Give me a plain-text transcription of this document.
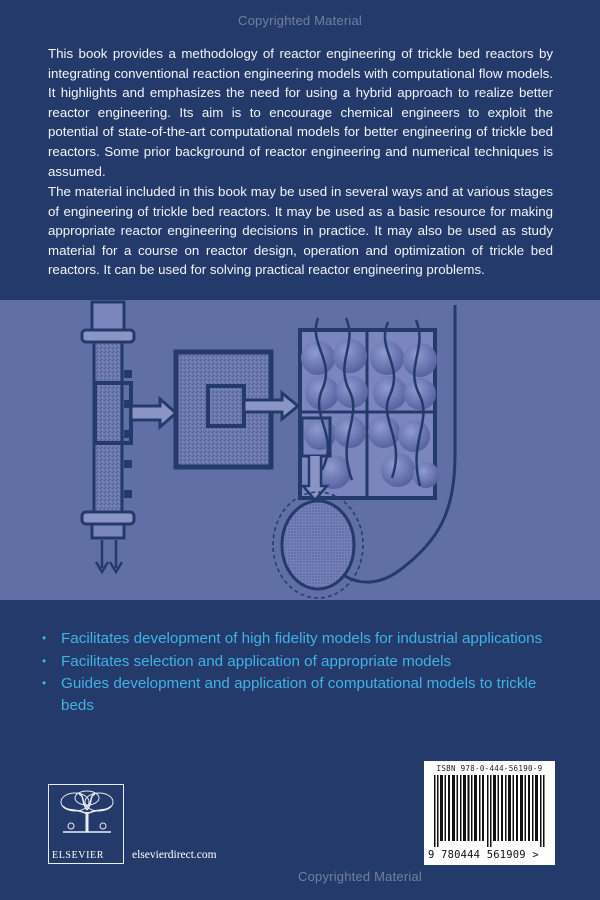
Copyrighted Material

This book provides a methodology of reactor engineering of trickle bed reactors by integrating conventional reaction engineering models with computational flow models. It highlights and emphasizes the need for using a hybrid approach to realize better reactor engineering. Its aim is to encourage chemical engineers to exploit the potential of state-of-the-art computational models for better engineering of trickle bed reactors. Some prior background of reactor engineering and numerical techniques is assumed.

The material included in this book may be used in several ways and at various stages of engineering of trickle bed reactors. It may be used as a basic resource for making appropriate reactor engineering decisions in practice. It may also be used as study material for a course on reactor design, operation and optimization of trickle bed reactors. It can be used for solving practical reactor engineering problems.

• Facilitates development of high fidelity models for industrial applications
• Facilitates selection and application of appropriate models
• Guides development and application of computational models to trickle beds
ELSEVIER elsevierdirect.com
Copyrighted Material
ISBN 978-0-444-56190-9
9 780444 561909 >
